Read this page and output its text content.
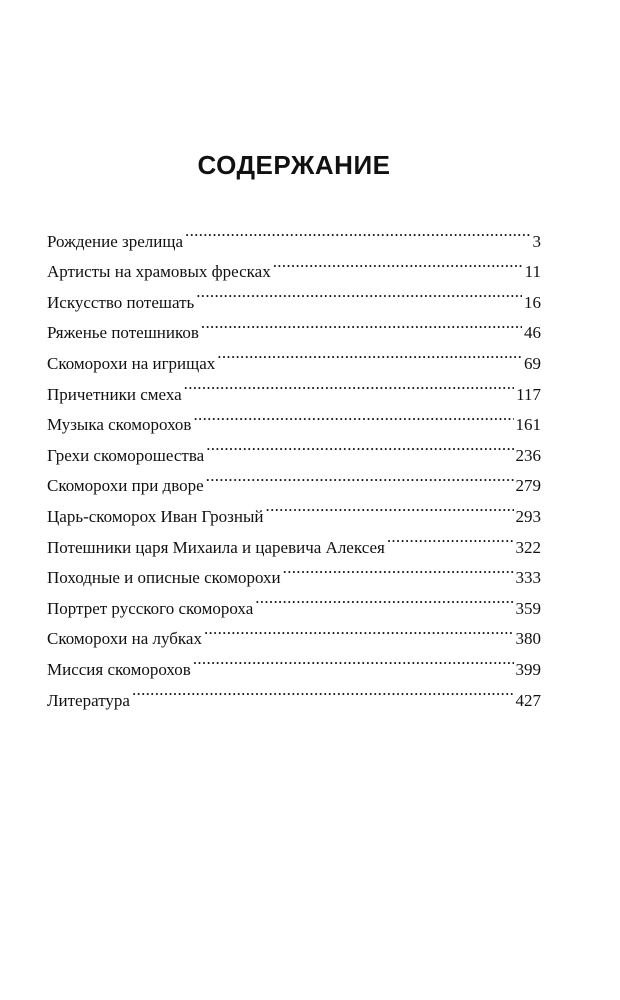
СОДЕРЖАНИЕ
Рождение зрелища .....	3
Артисты на храмовых фресках .....	11
Искусство потешать .....	16
Ряженье потешников .....	46
Скоморохи на игрищах .....	69
Причетники смеха .....	117
Музыка скоморохов .....	161
Грехи скоморошества .....	236
Скоморохи при дворе .....	279
Царь-скоморох Иван Грозный .....	293
Потешники царя Михаила и царевича Алексея .....	322
Походные и описные скоморохи .....	333
Портрет русского скомороха .....	359
Скоморохи на лубках .....	380
Миссия скоморохов .....	399
Литература .....	427
